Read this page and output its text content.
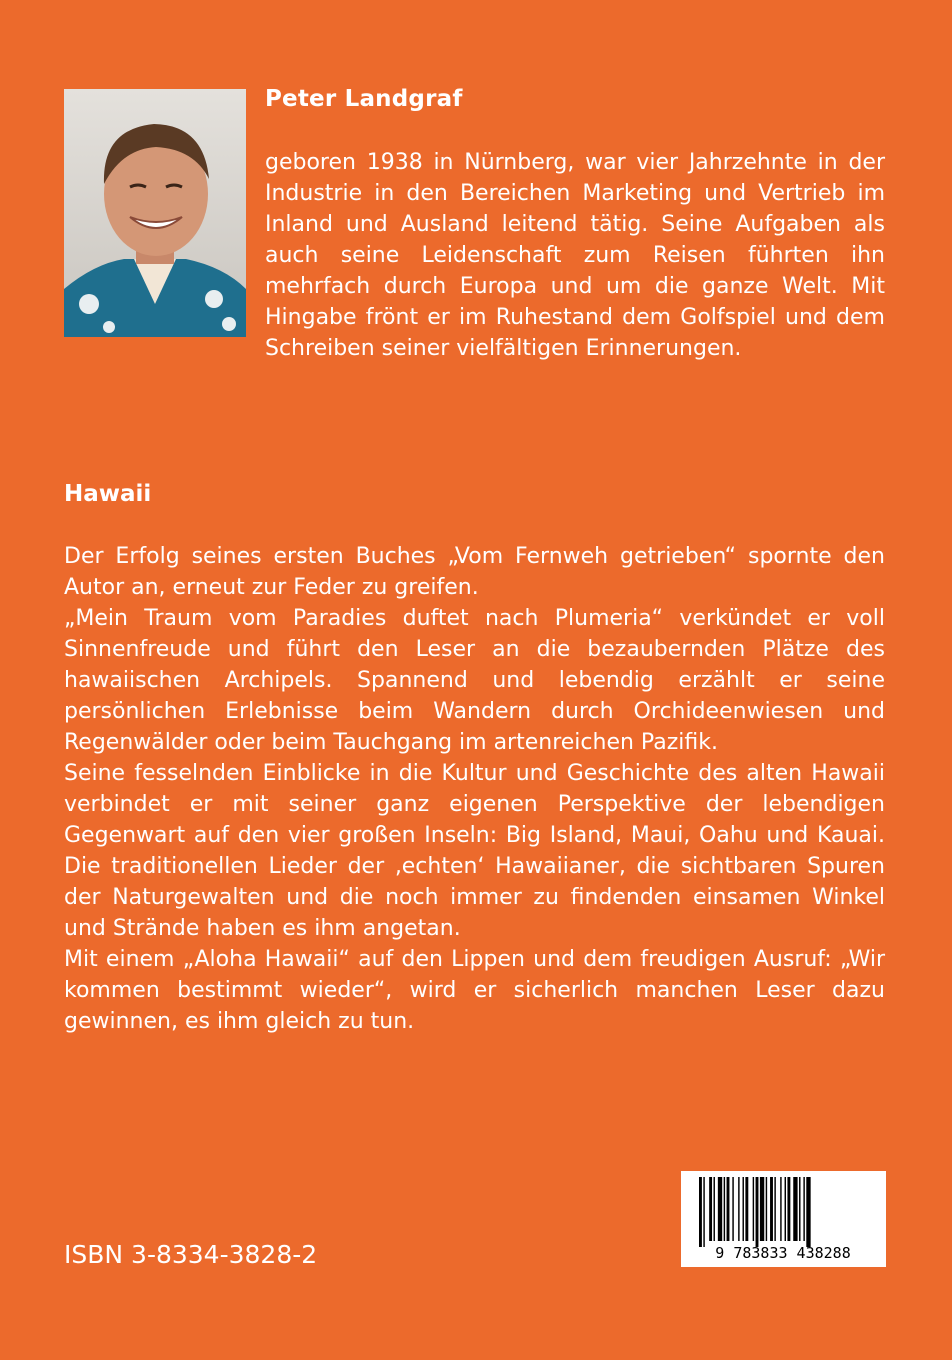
Peter Landgraf

geboren 1938 in Nürnberg, war vier Jahrzehnte in der Industrie in den Bereichen Marketing und Vertrieb im Inland und Ausland leitend tätig. Seine Aufgaben als auch seine Leidenschaft zum Reisen führten ihn mehrfach durch Europa und um die ganze Welt. Mit Hingabe frönt er im Ruhestand dem Golfspiel und dem Schreiben seiner vielfältigen Erinnerungen.

Hawaii

Der Erfolg seines ersten Buches „Vom Fernweh getrieben“ spornte den Autor an, erneut zur Feder zu greifen.

„Mein Traum vom Paradies duftet nach Plumeria“ verkündet er voll Sinnenfreude und führt den Leser an die bezaubernden Plätze des hawaiischen Archipels. Spannend und lebendig erzählt er seine persönlichen Erlebnisse beim Wandern durch Orchideenwiesen und Regenwälder oder beim Tauchgang im artenreichen Pazifik.

Seine fesselnden Einblicke in die Kultur und Geschichte des alten Hawaii verbindet er mit seiner ganz eigenen Perspektive der lebendigen Gegenwart auf den vier großen Inseln: Big Island, Maui, Oahu und Kauai. Die traditionellen Lieder der ‚echten‘ Hawaiianer, die sichtbaren Spuren der Naturgewalten und die noch immer zu findenden einsamen Winkel und Strände haben es ihm angetan.

Mit einem „Aloha Hawaii“ auf den Lippen und dem freudigen Ausruf: „Wir kommen bestimmt wieder“, wird er sicherlich manchen Leser dazu gewinnen, es ihm gleich zu tun.

ISBN 3-8334-3828-2	9 783833 438288
